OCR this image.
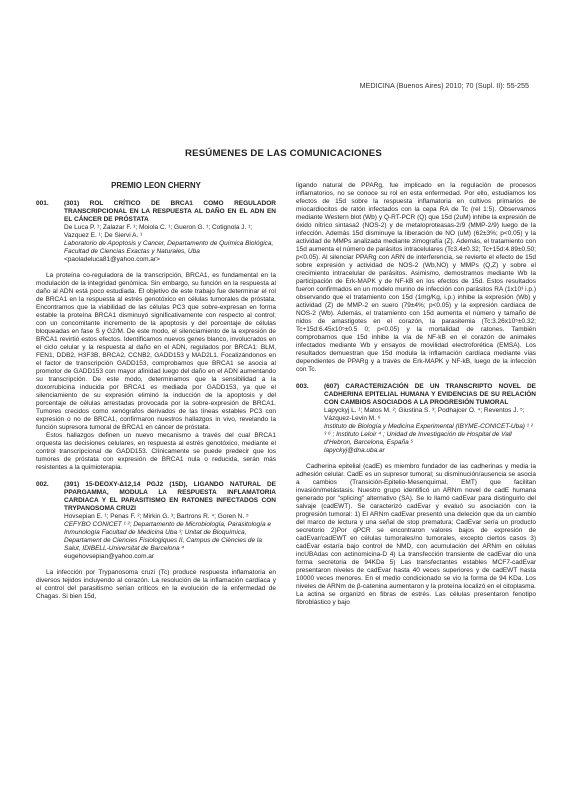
MEDICINA (Buenos Aires) 2010; 70 (Supl. II): 55-255
RESÚMENES DE LAS COMUNICACIONES
PREMIO LEON CHERNY
001.	(301) ROL CRÍTICO DE BRCA1 COMO REGULADOR TRANSCRIPCIONAL EN LA RESPUESTA AL DAÑO EN EL ADN EN EL CÁNCER DE PRÓSTATA
De Luca P. ¹; Zalazar F. ¹; Moiola C. ¹; Gueron G. ¹; Cotignola J. ¹; Vazquez E. ¹; De Siervi A. ¹
Laboratorio de Apoptosis y Cancer, Departamento de Química Biológica, Facultad de Ciencias Exactas y Naturales, Uba
<paoladeluca81@yahoo.com.ar>

La proteína co-reguladora de la transcripción, BRCA1, es fundamental en la modulación de la integridad genómica. Sin embargo, su función en la respuesta al daño al ADN está poco estudiada. El objetivo de este trabajo fue determinar el rol de BRCA1 en la respuesta al estrés genotóxico en células tumorales de próstata. Encontramos que la viabilidad de las células PC3 que sobre-expresan en forma estable la proteína BRCA1 disminuyó significativamente con respecto al control; con un concomitante incremento de la apoptosis y del porcentaje de células bloqueadas en fase S y G2/M. De este modo, el silenciamiento de la expresión de BRCA1 revirtió estos efectos. Identificamos nuevos genes blanco, involucrados en el ciclo celular y la respuesta al daño en el ADN, regulados por BRCA1: BLM, FEN1, DDB2, H3F3B, BRCA2, CCNB2, GADD153 y MAD2L1. Focalizándonos en el factor de transcripción GADD153, comprobamos que BRCA1 se asocia al promotor de GADD153 con mayor afinidad luego del daño en el ADN aumentando su transcripción. De este modo, determinamos que la sensibilidad a la doxorrubicina inducida por BRCA1 es mediada por GADD153, ya que el silenciamiento de su expresión eliminó la inducción de la apoptosis y del porcentaje de células arrestadas provocada por la sobre-expresión de BRCA1. Tumores crecidos como xenógrafos derivados de las líneas estables PC3 con expresión o no de BRCA1, confirmaron nuestros hallazgos in vivo, revelando la función supresora tumoral de BRCA1 en cáncer de próstata.

Estos hallazgos definen un nuevo mecanismo a través del cual BRCA1 orquesta las decisiones celulares, en respuesta al estrés genotóxico, mediante el control transcripcional de GADD153. Clínicamente se puede predecir que los tumores de próstata con expresión de BRCA1 nula o reducida, serán más resistentes a la quimioterapia.

002.	(391) 15-DEOXY-Δ12,14 PGJ2 (15D), LIGANDO NATURAL DE PPARGAMMA, MODULA LA RESPUESTA INFLAMATORIA CARDIACA Y EL PARASITISMO EN RATONES INFECTADOS CON TRYPANOSOMA CRUZI
Hovsepian E. ¹; Penas F. ²; Mirkin G. ³; Bartrons R. ⁴; Goren N. ⁵
CEFYBO CONICET ¹ ²; Departamento de Microbiología, Parasitología e Inmunología Facultad de Medicina Uba ³; Unitat de Bioquímica, Departament de Ciencies Fisiologiques II, Campus de Ciències de la Salut, IDIBELL-Universitat de Barcelona ⁴
eugehovsepian@yahoo.com.ar

La infección por Trypanosoma cruzi (Tc) produce respuesta inflamatoria en diversos tejidos incluyendo al corazón. La resolución de la inflamación cardíaca y el control del parasitismo serían críticos en la evolución de la enfermedad de Chagas. Si bien 15d,

ligando natural de PPARg, fue implicado en la regulación de procesos inflamatorios, no se conoce su rol en esta enfermedad. Por ello, estudiamos los efectos de 15d sobre la respuesta inflamatoria en cultivos primarios de miocardiocitos de ratón infectados con la cepa RA de Tc (rel 1:5). Observamos mediante Western blot (Wb) y Q-RT-PCR (Q) que 15d (2uM) inhibe la expresión de óxido nítrico sintasa2 (NOS-2) y de metaloproteasas-2/9 (MMP-2/9) luego de la infección. Además 15d disminuye la liberación de NO (uM) (62±3%; p<0.05) y la actividad de MMPs analizada mediante zimografía (Z). Además, el tratamiento con 15d aumenta el número de parásitos intracelulares (Tc3.4±0.32; Tc+15d:4.89±0.50; p<0.05). Al silenciar PPARg con ARN de interferencia, se revierte el efecto de 15d sobre expresión y actividad de NOS-2 (Wb,NO) y MMPs (Q,Z) y sobre el crecimiento intracelular de parásitos. Asimismo, demostramos mediante Wb la participación de Erk-MAPK y de NF-kB en los efectos de 15d. Estos resultados fueron confirmados en un modelo murino de infección con parásitos RA (1x10³ i.p.) observando que el tratamiento con 15d (1mg/Kg, i.p.) inhibe la expresión (Wb) y actividad (Z) de MMP-2 en suero (79±4%; p<0.05) y la expresión cardiaca de NOS-2 (Wb). Además, el tratamiento con 15d aumenta el número y tamaño de nidos de amastigotes en el corazón, la parasitemia (Tc:3.26x10⁵±0.32; Tc+15d:6.45x10⁵±0.5 0; p<0.05) y la mortalidad de ratones. También comprobamos que 15d inhibe la vía de NF-kB en el corazón de animales infectados mediante Wb y ensayos de movilidad electroforética (EMSA). Los resultados demuestran que 15d modula la inflamación cardíaca mediante vías dependientes de PPARg y a través de Erk-MAPK y NF-kB, luego de la infección con Tc.

003.	(607) CARACTERIZACIÓN DE UN TRANSCRIPTO NOVEL DE CADHERINA EPITELIAL HUMANA Y EVIDENCIAS DE SU RELACIÓN CON CAMBIOS ASOCIADOS A LA PROGRESIÓN TUMORAL
Lapyckyj L. ¹; Matos M. ²; Giustina S. ³; Podhajcer O. ⁴; Reventos J. ⁵; Vázquez-Levin M. ⁶
Instituto de Biología y Medicina Experimental (IBYME-CONICET-Uba) ¹ ² ³ ⁶ ; Instituto Leloir ⁴ ; Unidad de Investigación de Hospital de Vall d'Hebron, Barcelona, España ⁵
lapyckyj@dna.uba.ar

Cadherina epitelial (cadE) es miembro fundador de las cadherinas y media la adhesión celular. CadE es un supresor tumoral; su disminución/ausencia se asocia a cambios (Transición-Epitelio-Mesenquimal, EMT) que facilitan invasión/metástasis. Nuestro grupo identificó un ARNm novel de cadE humana generado por "splicing" alternativo (SA). Se lo llamó cadEvar para distinguirlo del salvaje (cadEWT). Se caracterizó cadEvar y evaluó su asociación con la progresión tumoral: 1) El ARNm cadEvar presentó una deleción que da un cambio del marco de lectura y una señal de stop prematura; CadEvar sería un producto secretorio 2)Por qPCR se encontraron valores bajos de expresión de cadEvar/cadEWT en células tumorales/no tumorales, excepto ciertos casos 3) cadEvar estaría bajo control de NMD, con acumulación del ARNm en células incUBAdas con actinomicina-D 4) La transfección transiente de cadEvar dio una forma secretoria de 94KDa 5) Las transfectantes estables MCF7-cadEvar presentaron niveles de cadEvar hasta 40 veces superiores y de cadEWT hasta 10000 veces menores. En el medio condicionado se vio la forma de 94 KDa. Los niveles de ARNm de β-catenina aumentaron y la proteína localizó en el citoplasma. La actina se organizó en fibras de estrés. Las células presentaron fenotipo fibroblástico y bajo
